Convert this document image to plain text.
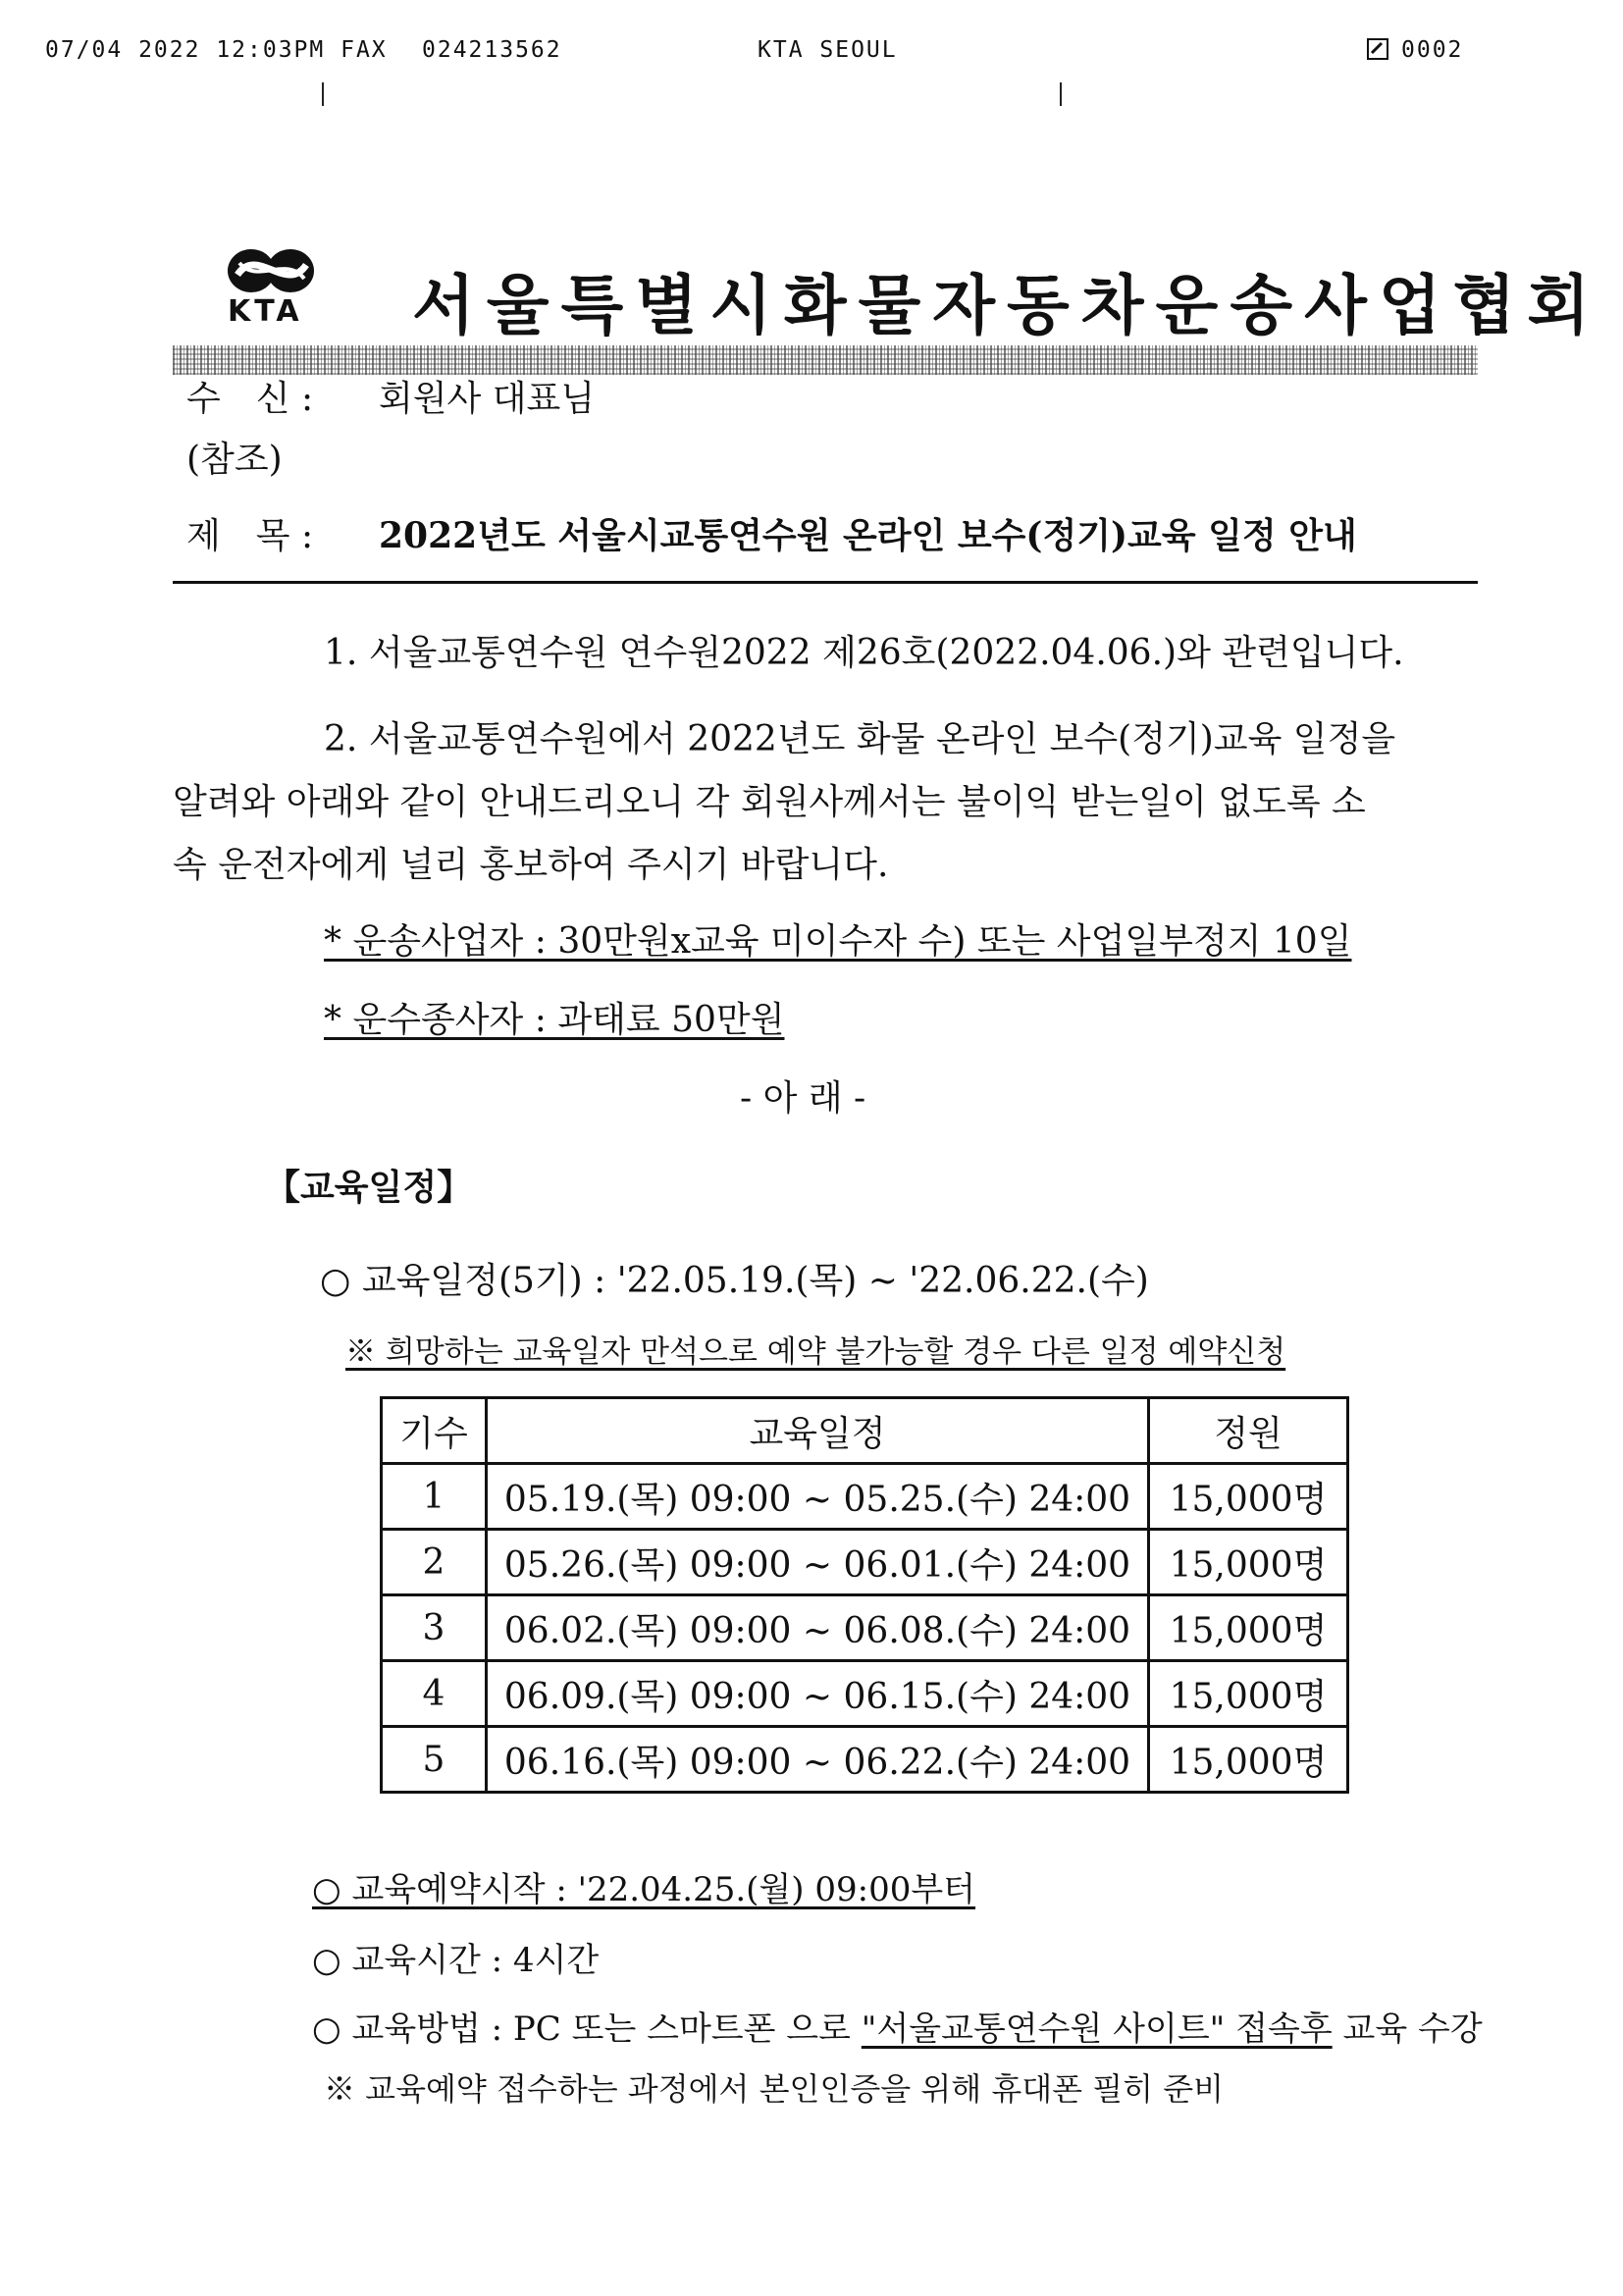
07/04 2022 12:03PM FAX 024213562	KTA SEOUL	0002
KTA 서울특별시화물자동차운송사업협회
수　신 : 회원사 대표님
(참조)
제　목 : 2022년도 서울시교통연수원 온라인 보수(정기)교육 일정 안내
1. 서울교통연수원 연수원2022 제26호(2022.04.06.)와 관련입니다.
2. 서울교통연수원에서 2022년도 화물 온라인 보수(정기)교육 일정을
알려와 아래와 같이 안내드리오니 각 회원사께서는 불이익 받는일이 없도록 소
속 운전자에게 널리 홍보하여 주시기 바랍니다.
* 운송사업자 : 30만원x교육 미이수자 수) 또는 사업일부정지 10일
* 운수종사자 : 과태료 50만원
- 아 래 -
【교육일정】
○ 교육일정(5기) : '22.05.19.(목) ~ '22.06.22.(수)
※ 희망하는 교육일자 만석으로 예약 불가능할 경우 다른 일정 예약신청
기수	교육일정	정원
1	05.19.(목) 09:00 ~ 05.25.(수) 24:00	15,000명
2	05.26.(목) 09:00 ~ 06.01.(수) 24:00	15,000명
3	06.02.(목) 09:00 ~ 06.08.(수) 24:00	15,000명
4	06.09.(목) 09:00 ~ 06.15.(수) 24:00	15,000명
5	06.16.(목) 09:00 ~ 06.22.(수) 24:00	15,000명
○ 교육예약시작 : '22.04.25.(월) 09:00부터
○ 교육시간 : 4시간
○ 교육방법 : PC 또는 스마트폰 으로 "서울교통연수원 사이트" 접속후 교육 수강
※ 교육예약 접수하는 과정에서 본인인증을 위해 휴대폰 필히 준비
